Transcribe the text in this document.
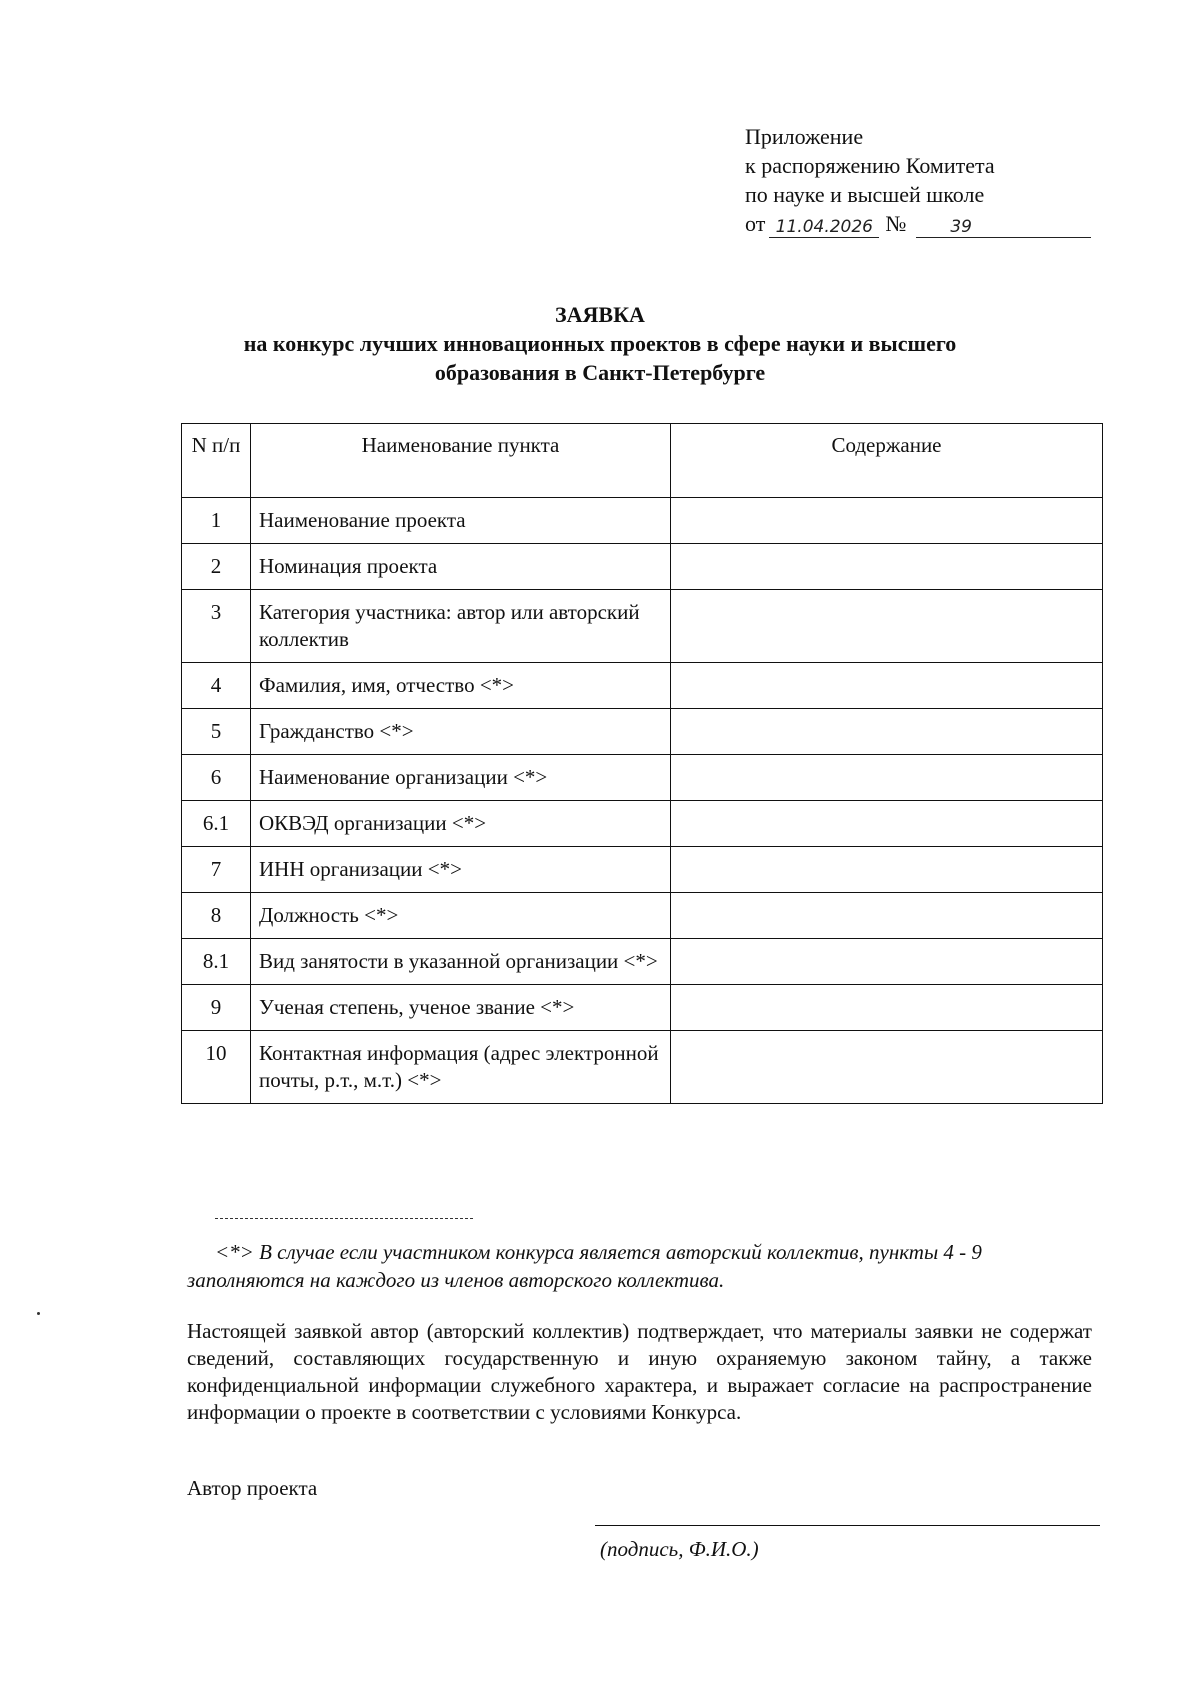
Приложение
к распоряжению Комитета
по науке и высшей школе
от 11.04.2026 №	39
ЗАЯВКА
на конкурс лучших инновационных проектов в сфере науки и высшего образования в Санкт-Петербурге
N п/п	Наименование пункта	Содержание
1	Наименование проекта	
2	Номинация проекта	
3	Категория участника: автор или авторский коллектив	
4	Фамилия, имя, отчество <*>	
5	Гражданство <*>	
6	Наименование организации <*>	
6.1	ОКВЭД организации <*>	
7	ИНН организации <*>	
8	Должность <*>	
8.1	Вид занятости в указанной организации <*>	
9	Ученая степень, ученое звание <*>	
10	Контактная информация (адрес электронной почты, р.т., м.т.) <*>	
<*> В случае если участником конкурса является авторский коллектив, пункты 4 - 9 заполняются на каждого из членов авторского коллектива.
Настоящей заявкой автор (авторский коллектив) подтверждает, что материалы заявки не содержат сведений, составляющих государственную и иную охраняемую законом тайну, а также конфиденциальной информации служебного характера, и выражает согласие на распространение информации о проекте в соответствии с условиями Конкурса.
Автор проекта
(подпись, Ф.И.О.)
